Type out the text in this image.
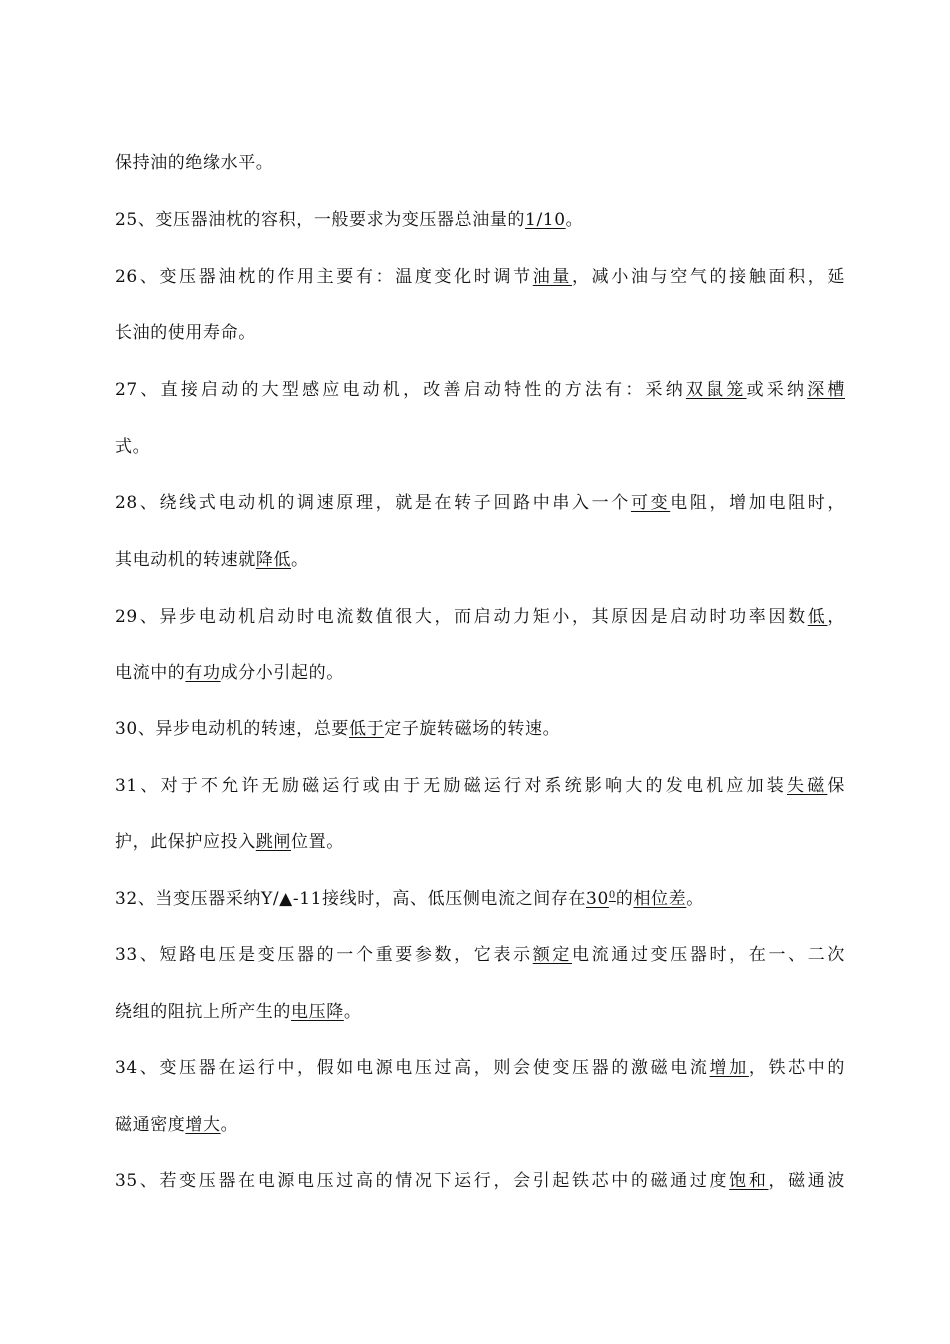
保持油的绝缘水平。
25、变压器油枕的容积，一般要求为变压器总油量的1/10。
26、变压器油枕的作用主要有：温度变化时调节油量，减小油与空气的接触面积，延
长油的使用寿命。
27、直接启动的大型感应电动机，改善启动特性的方法有：采纳双鼠笼或采纳深槽
式。
28、绕线式电动机的调速原理，就是在转子回路中串入一个可变电阻，增加电阻时，
其电动机的转速就降低。
29、异步电动机启动时电流数值很大，而启动力矩小，其原因是启动时功率因数低，
电流中的有功成分小引起的。
30、异步电动机的转速，总要低于定子旋转磁场的转速。
31、对于不允许无励磁运行或由于无励磁运行对系统影响大的发电机应加装失磁保
护，此保护应投入跳闸位置。
32、当变压器采纳Y/▲-11接线时，高、低压侧电流之间存在$30^0$的相位差。
33、短路电压是变压器的一个重要参数，它表示额定电流通过变压器时，在一、二次
绕组的阻抗上所产生的电压降。
34、变压器在运行中，假如电源电压过高，则会使变压器的激磁电流增加，铁芯中的
磁通密度增大。
35、若变压器在电源电压过高的情况下运行，会引起铁芯中的磁通过度饱和，磁通波
